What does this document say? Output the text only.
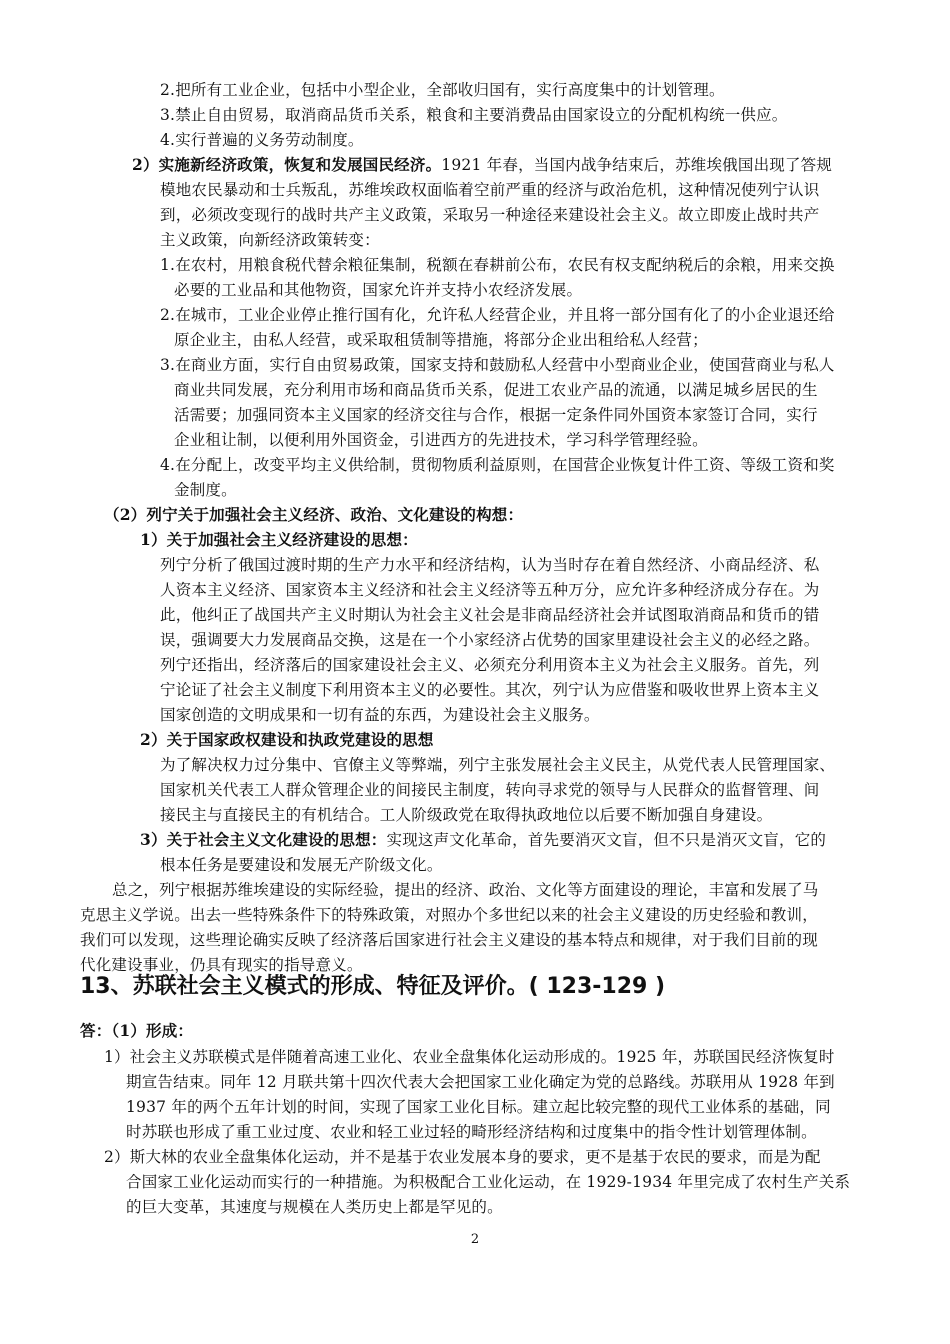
2.把所有工业企业，包括中小型企业，全部收归国有，实行高度集中的计划管理。
3.禁止自由贸易，取消商品货币关系，粮食和主要消费品由国家设立的分配机构统一供应。
4.实行普遍的义务劳动制度。
2）实施新经济政策，恢复和发展国民经济。1921 年春，当国内战争结束后，苏维埃俄国出现了答规
模地农民暴动和士兵叛乱，苏维埃政权面临着空前严重的经济与政治危机，这种情况使列宁认识
到，必须改变现行的战时共产主义政策，采取另一种途径来建设社会主义。故立即废止战时共产
主义政策，向新经济政策转变：
1.在农村，用粮食税代替余粮征集制，税额在春耕前公布，农民有权支配纳税后的余粮，用来交换
必要的工业品和其他物资，国家允许并支持小农经济发展。
2.在城市，工业企业停止推行国有化，允许私人经营企业，并且将一部分国有化了的小企业退还给
原企业主，由私人经营，或采取租赁制等措施，将部分企业出租给私人经营；
3.在商业方面，实行自由贸易政策，国家支持和鼓励私人经营中小型商业企业，使国营商业与私人
商业共同发展，充分利用市场和商品货币关系，促进工农业产品的流通，以满足城乡居民的生
活需要；加强同资本主义国家的经济交往与合作，根据一定条件同外国资本家签订合同，实行
企业租让制，以便利用外国资金，引进西方的先进技术，学习科学管理经验。
4.在分配上，改变平均主义供给制，贯彻物质利益原则，在国营企业恢复计件工资、等级工资和奖
金制度。
（2）列宁关于加强社会主义经济、政治、文化建设的构想：
1）关于加强社会主义经济建设的思想：
列宁分析了俄国过渡时期的生产力水平和经济结构，认为当时存在着自然经济、小商品经济、私
人资本主义经济、国家资本主义经济和社会主义经济等五种万分，应允许多种经济成分存在。为
此，他纠正了战国共产主义时期认为社会主义社会是非商品经济社会并试图取消商品和货币的错
误，强调要大力发展商品交换，这是在一个小家经济占优势的国家里建设社会主义的必经之路。
列宁还指出，经济落后的国家建设社会主义、必须充分利用资本主义为社会主义服务。首先，列
宁论证了社会主义制度下利用资本主义的必要性。其次，列宁认为应借鉴和吸收世界上资本主义
国家创造的文明成果和一切有益的东西，为建设社会主义服务。
2）关于国家政权建设和执政党建设的思想
为了解决权力过分集中、官僚主义等弊端，列宁主张发展社会主义民主，从党代表人民管理国家、
国家机关代表工人群众管理企业的间接民主制度，转向寻求党的领导与人民群众的监督管理、间
接民主与直接民主的有机结合。工人阶级政党在取得执政地位以后要不断加强自身建设。
3）关于社会主义文化建设的思想：实现这声文化革命，首先要消灭文盲，但不只是消灭文盲，它的
根本任务是要建设和发展无产阶级文化。
总之，列宁根据苏维埃建设的实际经验，提出的经济、政治、文化等方面建设的理论，丰富和发展了马
克思主义学说。出去一些特殊条件下的特殊政策，对照办个多世纪以来的社会主义建设的历史经验和教训，
我们可以发现，这些理论确实反映了经济落后国家进行社会主义建设的基本特点和规律，对于我们目前的现
代化建设事业，仍具有现实的指导意义。
13、苏联社会主义模式的形成、特征及评价。( 123-129 )
答：（1）形成：
1）社会主义苏联模式是伴随着高速工业化、农业全盘集体化运动形成的。1925 年，苏联国民经济恢复时
期宣告结束。同年 12 月联共第十四次代表大会把国家工业化确定为党的总路线。苏联用从 1928 年到
1937 年的两个五年计划的时间，实现了国家工业化目标。建立起比较完整的现代工业体系的基础，同
时苏联也形成了重工业过度、农业和轻工业过轻的畸形经济结构和过度集中的指令性计划管理体制。
2）斯大林的农业全盘集体化运动，并不是基于农业发展本身的要求，更不是基于农民的要求，而是为配
合国家工业化运动而实行的一种措施。为积极配合工业化运动，在 1929-1934 年里完成了农村生产关系
的巨大变革，其速度与规模在人类历史上都是罕见的。
2
